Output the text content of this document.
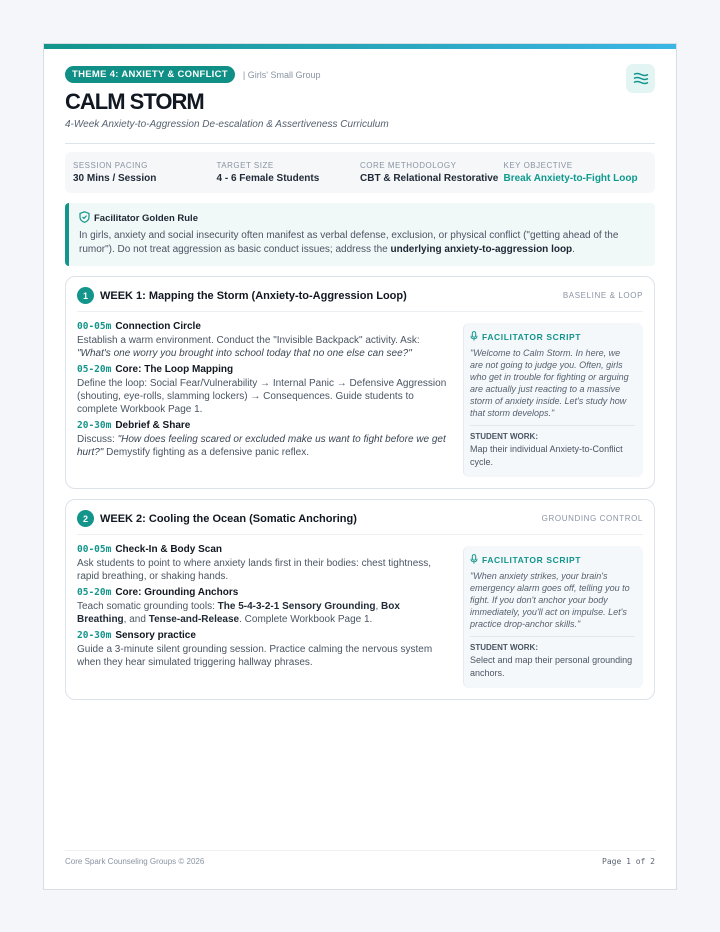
THEME 4: ANXIETY & CONFLICT	| Girls' Small Group
CALM STORM
4-Week Anxiety-to-Aggression De-escalation & Assertiveness Curriculum
SESSION PACING
30 Mins / Session
TARGET SIZE
4 - 6 Female Students
CORE METHODOLOGY
CBT & Relational Restorative
KEY OBJECTIVE
Break Anxiety-to-Fight Loop
Facilitator Golden Rule
In girls, anxiety and social insecurity often manifest as verbal defense, exclusion, or physical conflict ("getting ahead of the rumor"). Do not treat aggression as basic conduct issues; address the underlying anxiety-to-aggression loop.
1	WEEK 1: Mapping the Storm (Anxiety-to-Aggression Loop)	BASELINE & LOOP
00-05m Connection Circle
Establish a warm environment. Conduct the "Invisible Backpack" activity. Ask: "What's one worry you brought into school today that no one else can see?"
05-20m Core: The Loop Mapping
Define the loop: Social Fear/Vulnerability → Internal Panic → Defensive Aggression (shouting, eye-rolls, slamming lockers) → Consequences. Guide students to complete Workbook Page 1.
20-30m Debrief & Share
Discuss: "How does feeling scared or excluded make us want to fight before we get hurt?" Demystify fighting as a defensive panic reflex.
FACILITATOR SCRIPT
"Welcome to Calm Storm. In here, we are not going to judge you. Often, girls who get in trouble for fighting or arguing are actually just reacting to a massive storm of anxiety inside. Let's study how that storm develops."
STUDENT WORK:
Map their individual Anxiety-to-Conflict cycle.
2	WEEK 2: Cooling the Ocean (Somatic Anchoring)	GROUNDING CONTROL
00-05m Check-In & Body Scan
Ask students to point to where anxiety lands first in their bodies: chest tightness, rapid breathing, or shaking hands.
05-20m Core: Grounding Anchors
Teach somatic grounding tools: The 5-4-3-2-1 Sensory Grounding, Box Breathing, and Tense-and-Release. Complete Workbook Page 1.
20-30m Sensory practice
Guide a 3-minute silent grounding session. Practice calming the nervous system when they hear simulated triggering hallway phrases.
FACILITATOR SCRIPT
"When anxiety strikes, your brain's emergency alarm goes off, telling you to fight. If you don't anchor your body immediately, you'll act on impulse. Let's practice drop-anchor skills."
STUDENT WORK:
Select and map their personal grounding anchors.
Core Spark Counseling Groups © 2026	Page 1 of 2
